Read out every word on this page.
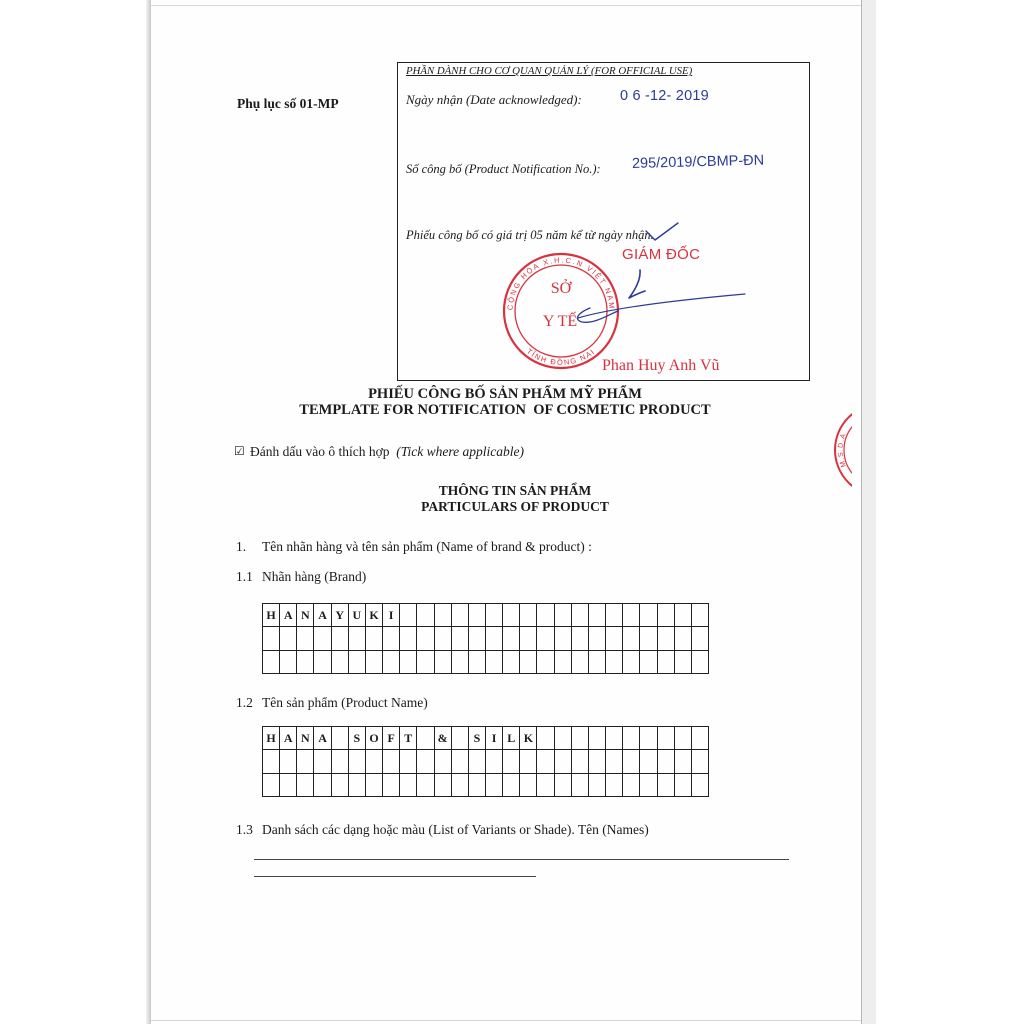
Phụ lục số 01-MP

PHẦN DÀNH CHO CƠ QUAN QUẢN LÝ (FOR OFFICIAL USE)

Ngày nhận (Date acknowledged):	0 6 -12- 2019

Số công bố (Product Notification No.): 295/2019/CBMP-ĐN

Phiếu công bố có giá trị 05 năm kể từ ngày nhận.

CỘNG HÒA X.H.C.N VIỆT NAM
TỈNH ĐỒNG NAI
SỞ
Y TẾ

GIÁM ĐỐC

Phan Huy Anh Vũ

M.S.D.A
PHIẾU CÔNG BỐ SẢN PHẨM MỸ PHẨM
TEMPLATE FOR NOTIFICATION  OF COSMETIC PRODUCT
☑ Đánh dấu vào ô thích hợp (Tick where applicable)

THÔNG TIN SẢN PHẨM
PARTICULARS OF PRODUCT

1. Tên nhãn hàng và tên sản phẩm (Name of brand & product) :

1.1 Nhãn hàng (Brand)

H A N A Y U K I

1.2 Tên sản phẩm (Product Name)

H A N A	S O F T	&	S I L K

1.3 Danh sách các dạng hoặc màu (List of Variants or Shade). Tên (Names)
